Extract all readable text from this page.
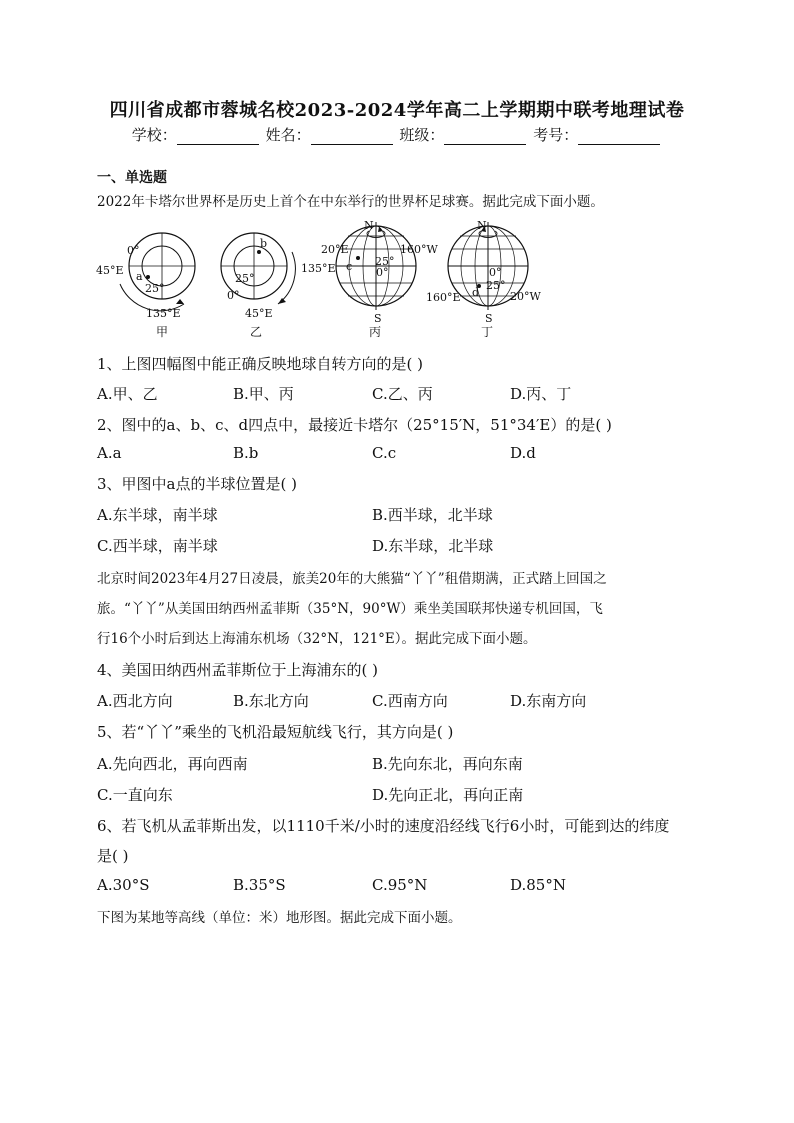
四川省成都市蓉城名校2023-2024学年高二上学期期中联考地理试卷
学校：	姓名：	班级：	考号：
一、单选题
2022年卡塔尔世界杯是历史上首个在中东举行的世界杯足球赛。据此完成下面小题。
0°
45°E a
25°
135°E
甲
b
135°E
25°
0°
45°E
乙
N
20°E	160°W
c 25°
0°
S
丙
N
0°
d
25°
160°E	20°W
S
丁
1、上图四幅图中能正确反映地球自转方向的是( )
A.甲、乙	B.甲、丙	C.乙、丙	D.丙、丁
2、图中的a、b、c、d四点中，最接近卡塔尔（25°15′N，51°34′E）的是( )
A.a	B.b	C.c	D.d
3、甲图中a点的半球位置是( )
A.东半球，南半球	B.西半球，北半球
C.西半球，南半球	D.东半球，北半球
北京时间2023年4月27日凌晨，旅美20年的大熊猫“丫丫”租借期满，正式踏上回国之
旅。“丫丫”从美国田纳西州孟菲斯（35°N，90°W）乘坐美国联邦快递专机回国，飞
行16个小时后到达上海浦东机场（32°N，121°E）。据此完成下面小题。
4、美国田纳西州孟菲斯位于上海浦东的( )
A.西北方向	B.东北方向	C.西南方向	D.东南方向
5、若“丫丫”乘坐的飞机沿最短航线飞行，其方向是( )
A.先向西北，再向西南	B.先向东北，再向东南
C.一直向东	D.先向正北，再向正南
6、若飞机从孟菲斯出发，以1110千米/小时的速度沿经线飞行6小时，可能到达的纬度
是( )
A.30°S	B.35°S	C.95°N	D.85°N
下图为某地等高线（单位：米）地形图。据此完成下面小题。
